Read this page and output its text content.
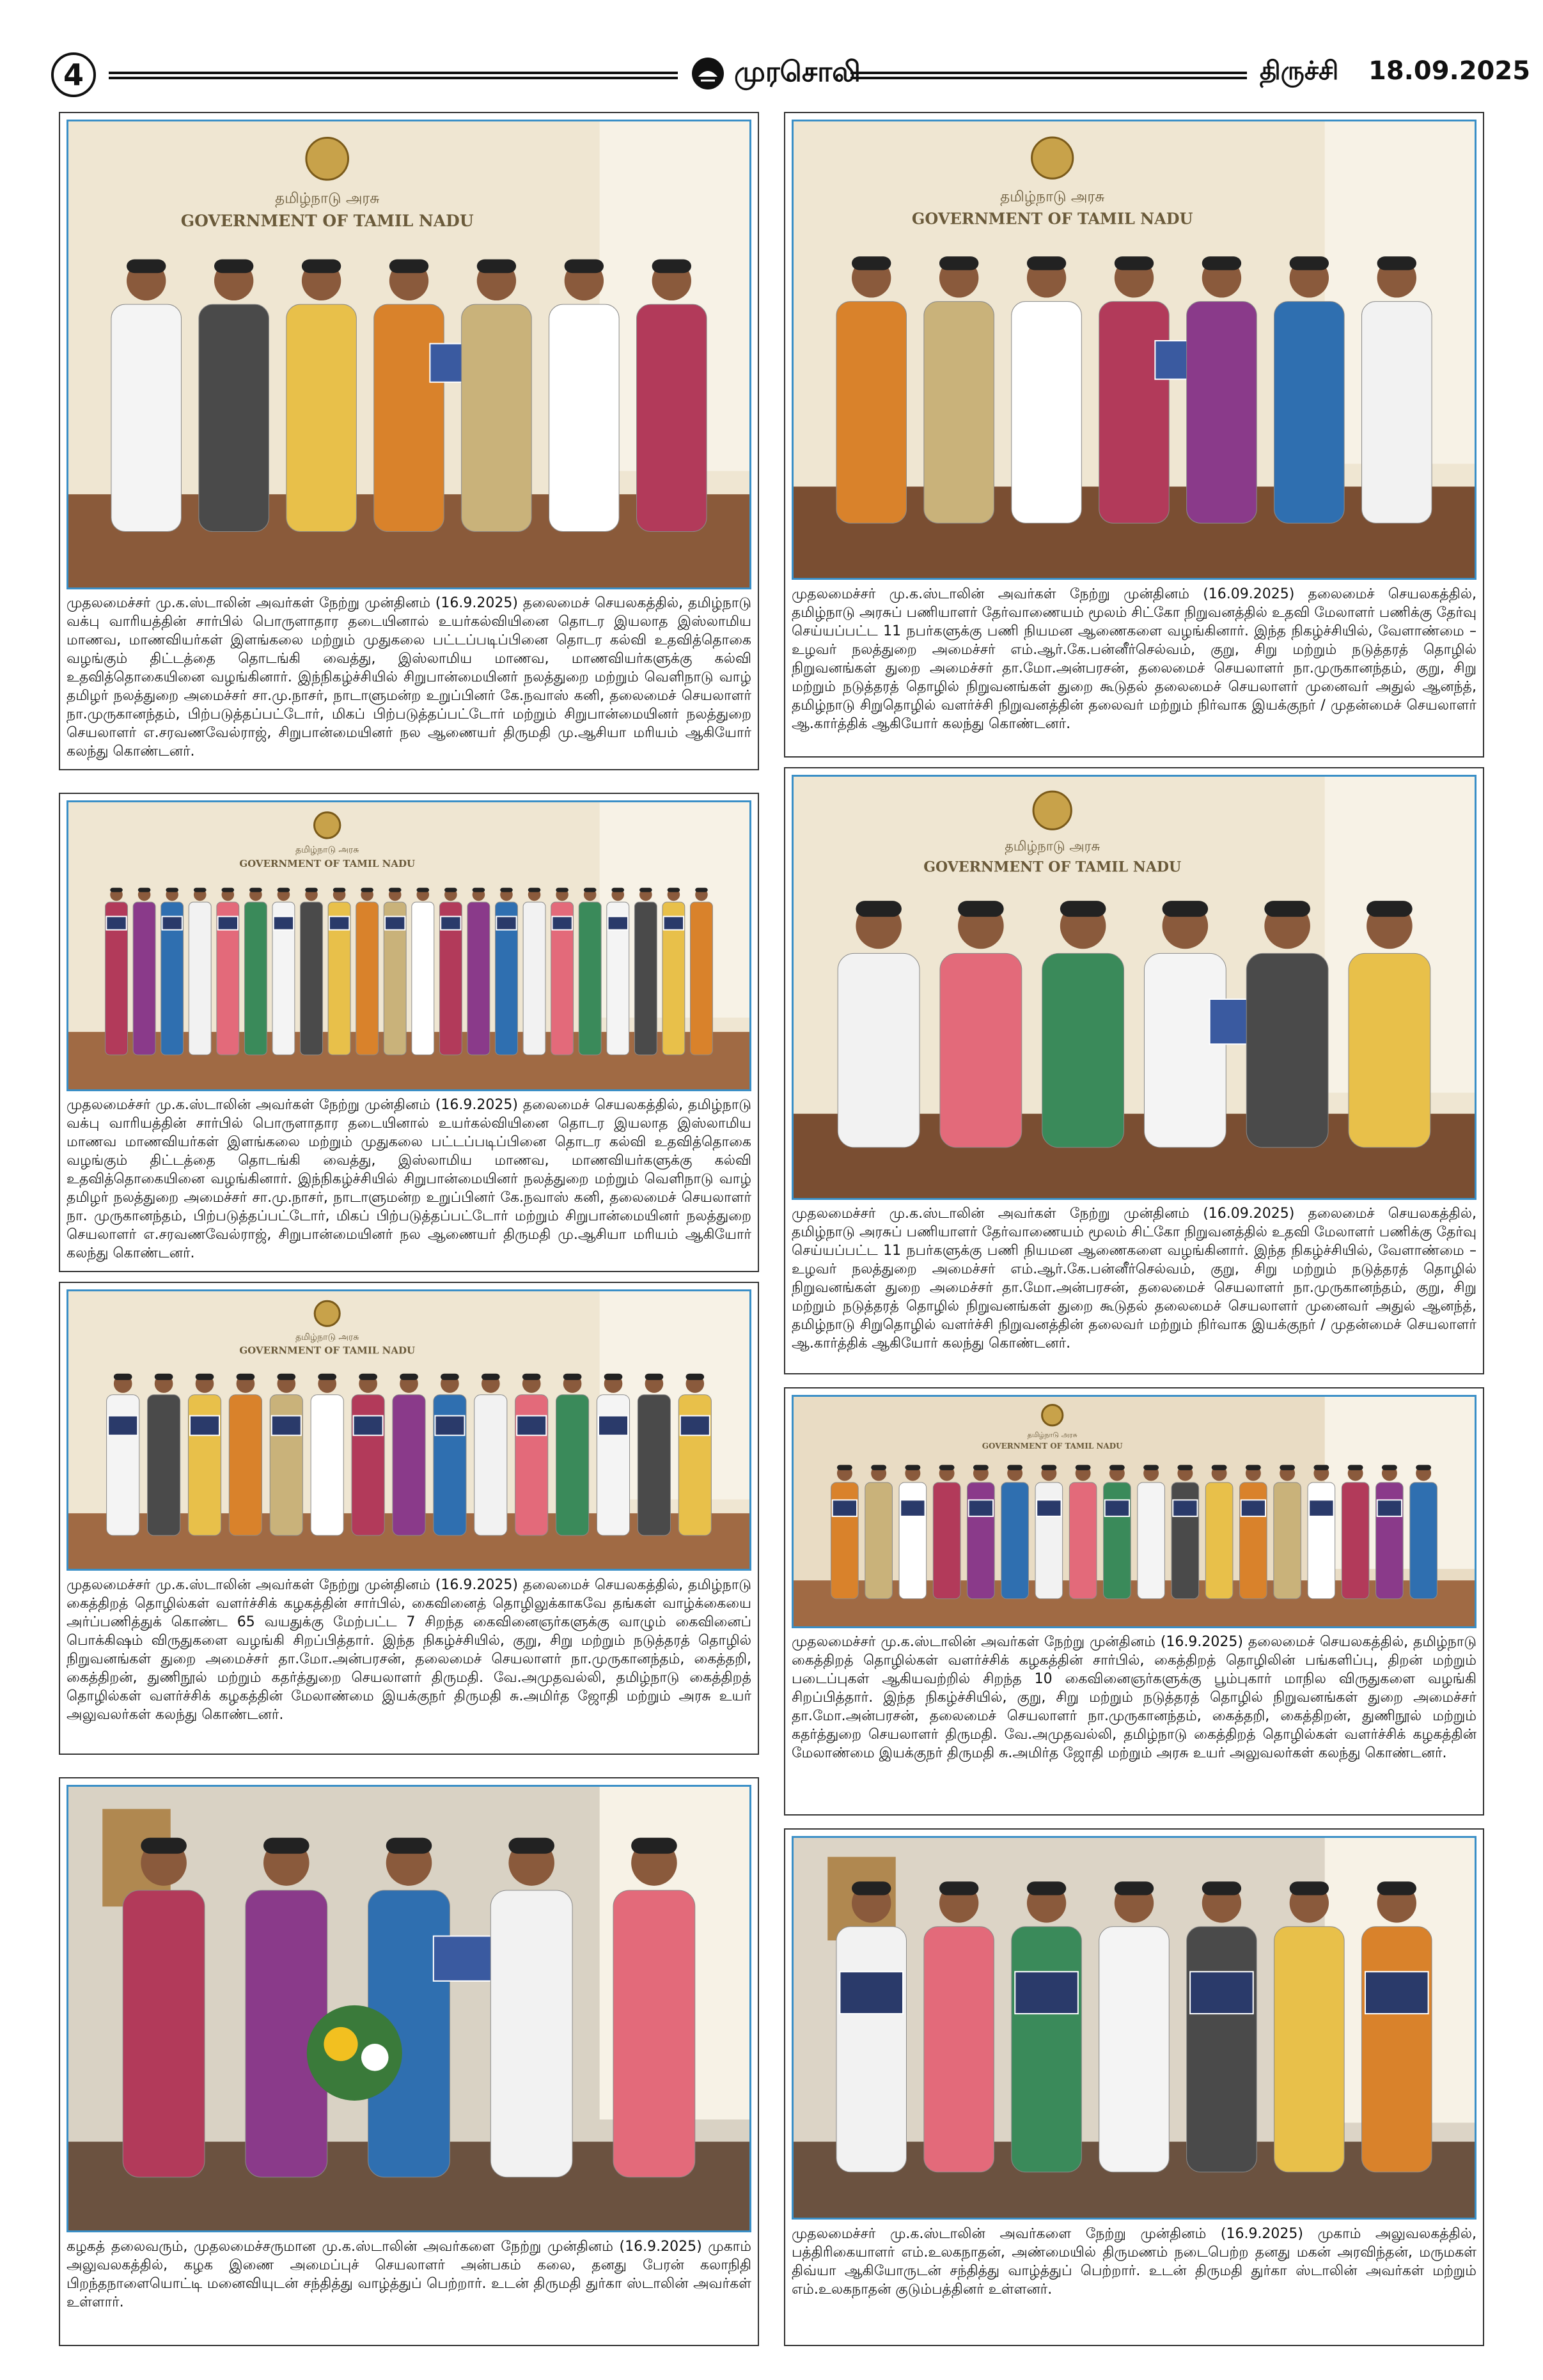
4	முரசொலி	திருச்சி 18.09.2025
தமிழ்நாடு அரசு
GOVERNMENT OF TAMIL NADU
முதலமைச்சர் மு.க.ஸ்டாலின் அவர்கள் நேற்று முன்தினம் (16.9.2025) தலைமைச் செயலகத்தில், தமிழ்நாடு வக்பு வாரியத்தின் சார்பில் பொருளாதார தடையினால் உயர்கல்வியினை தொடர இயலாத இஸ்லாமிய மாணவ, மாணவியர்கள் இளங்கலை மற்றும் முதுகலை பட்டப்படிப்பினை தொடர கல்வி உதவித்தொகை வழங்கும் திட்டத்தை தொடங்கி வைத்து, இஸ்லாமிய மாணவ, மாணவியர்களுக்கு கல்வி உதவித்தொகையினை வழங்கினார். இந்நிகழ்ச்சியில் சிறுபான்மையினர் நலத்துறை மற்றும் வெளிநாடு வாழ் தமிழர் நலத்துறை அமைச்சர் சா.மு.நாசர், நாடாளுமன்ற உறுப்பினர் கே.நவாஸ் கனி, தலைமைச் செயலாளர் நா.முருகானந்தம், பிற்படுத்தப்பட்டோர், மிகப் பிற்படுத்தப்பட்டோர் மற்றும் சிறுபான்மையினர் நலத்துறை செயலாளர் எ.சரவணவேல்ராஜ், சிறுபான்மையினர் நல ஆணையர் திருமதி மு.ஆசியா மரியம் ஆகியோர் கலந்து கொண்டனர்.
தமிழ்நாடு அரசு
GOVERNMENT OF TAMIL NADU
முதலமைச்சர் மு.க.ஸ்டாலின் அவர்கள் நேற்று முன்தினம் (16.09.2025) தலைமைச் செயலகத்தில், தமிழ்நாடு அரசுப் பணியாளர் தேர்வாணையம் மூலம் சிட்கோ நிறுவனத்தில் உதவி மேலாளர் பணிக்கு தேர்வு செய்யப்பட்ட 11 நபர்களுக்கு பணி நியமன ஆணைகளை வழங்கினார். இந்த நிகழ்ச்சியில், வேளாண்மை – உழவர் நலத்துறை அமைச்சர் எம்.ஆர்.கே.பன்னீர்செல்வம், குறு, சிறு மற்றும் நடுத்தரத் தொழில் நிறுவனங்கள் துறை அமைச்சர் தா.மோ.அன்பரசன், தலைமைச் செயலாளர் நா.முருகானந்தம், குறு, சிறு மற்றும் நடுத்தரத் தொழில் நிறுவனங்கள் துறை கூடுதல் தலைமைச் செயலாளர் முனைவர் அதுல் ஆனந்த், தமிழ்நாடு சிறுதொழில் வளர்ச்சி நிறுவனத்தின் தலைவர் மற்றும் நிர்வாக இயக்குநர் / முதன்மைச் செயலாளர் ஆ.கார்த்திக் ஆகியோர் கலந்து கொண்டனர்.
தமிழ்நாடு அரசு
GOVERNMENT OF TAMIL NADU
முதலமைச்சர் மு.க.ஸ்டாலின் அவர்கள் நேற்று முன்தினம் (16.9.2025) தலைமைச் செயலகத்தில், தமிழ்நாடு வக்பு வாரியத்தின் சார்பில் பொருளாதார தடையினால் உயர்கல்வியினை தொடர இயலாத இஸ்லாமிய மாணவ மாணவியர்கள் இளங்கலை மற்றும் முதுகலை பட்டப்படிப்பினை தொடர கல்வி உதவித்தொகை வழங்கும் திட்டத்தை தொடங்கி வைத்து, இஸ்லாமிய மாணவ, மாணவியர்களுக்கு கல்வி உதவித்தொகையினை வழங்கினார். இந்நிகழ்ச்சியில் சிறுபான்மையினர் நலத்துறை மற்றும் வெளிநாடு வாழ் தமிழர் நலத்துறை அமைச்சர் சா.மு.நாசர், நாடாளுமன்ற உறுப்பினர் கே.நவாஸ் கனி, தலைமைச் செயலாளர் நா. முருகானந்தம், பிற்படுத்தப்பட்டோர், மிகப் பிற்படுத்தப்பட்டோர் மற்றும் சிறுபான்மையினர் நலத்துறை செயலாளர் எ.சரவணவேல்ராஜ், சிறுபான்மையினர் நல ஆணையர் திருமதி மு.ஆசியா மரியம் ஆகியோர் கலந்து கொண்டனர்.
தமிழ்நாடு அரசு
GOVERNMENT OF TAMIL NADU
முதலமைச்சர் மு.க.ஸ்டாலின் அவர்கள் நேற்று முன்தினம் (16.09.2025) தலைமைச் செயலகத்தில், தமிழ்நாடு அரசுப் பணியாளர் தேர்வாணையம் மூலம் சிட்கோ நிறுவனத்தில் உதவி மேலாளர் பணிக்கு தேர்வு செய்யப்பட்ட 11 நபர்களுக்கு பணி நியமன ஆணைகளை வழங்கினார். இந்த நிகழ்ச்சியில், வேளாண்மை – உழவர் நலத்துறை அமைச்சர் எம்.ஆர்.கே.பன்னீர்செல்வம், குறு, சிறு மற்றும் நடுத்தரத் தொழில் நிறுவனங்கள் துறை அமைச்சர் தா.மோ.அன்பரசன், தலைமைச் செயலாளர் நா.முருகானந்தம், குறு, சிறு மற்றும் நடுத்தரத் தொழில் நிறுவனங்கள் துறை கூடுதல் தலைமைச் செயலாளர் முனைவர் அதுல் ஆனந்த், தமிழ்நாடு சிறுதொழில் வளர்ச்சி நிறுவனத்தின் தலைவர் மற்றும் நிர்வாக இயக்குநர் / முதன்மைச் செயலாளர் ஆ.கார்த்திக் ஆகியோர் கலந்து கொண்டனர்.
தமிழ்நாடு அரசு
GOVERNMENT OF TAMIL NADU
முதலமைச்சர் மு.க.ஸ்டாலின் அவர்கள் நேற்று முன்தினம் (16.9.2025) தலைமைச் செயலகத்தில், தமிழ்நாடு கைத்திறத் தொழில்கள் வளர்ச்சிக் கழகத்தின் சார்பில், கைவினைத் தொழிலுக்காகவே தங்கள் வாழ்க்கையை அர்ப்பணித்துக் கொண்ட 65 வயதுக்கு மேற்பட்ட 7 சிறந்த கைவினைஞர்களுக்கு வாழும் கைவினைப் பொக்கிஷம் விருதுகளை வழங்கி சிறப்பித்தார். இந்த நிகழ்ச்சியில், குறு, சிறு மற்றும் நடுத்தரத் தொழில் நிறுவனங்கள் துறை அமைச்சர் தா.மோ.அன்பரசன், தலைமைச் செயலாளர் நா.முருகானந்தம், கைத்தறி, கைத்திறன், துணிநூல் மற்றும் கதர்த்துறை செயலாளர் திருமதி. வே.அமுதவல்லி, தமிழ்நாடு கைத்திறத் தொழில்கள் வளர்ச்சிக் கழகத்தின் மேலாண்மை இயக்குநர் திருமதி சு.அமிர்த ஜோதி மற்றும் அரசு உயர் அலுவலர்கள் கலந்து கொண்டனர்.
தமிழ்நாடு அரசு
GOVERNMENT OF TAMIL NADU
முதலமைச்சர் மு.க.ஸ்டாலின் அவர்கள் நேற்று முன்தினம் (16.9.2025) தலைமைச் செயலகத்தில், தமிழ்நாடு கைத்திறத் தொழில்கள் வளர்ச்சிக் கழகத்தின் சார்பில், கைத்திறத் தொழிலின் பங்களிப்பு, திறன் மற்றும் படைப்புகள் ஆகியவற்றில் சிறந்த 10 கைவினைஞர்களுக்கு பூம்புகார் மாநில விருதுகளை வழங்கி சிறப்பித்தார். இந்த நிகழ்ச்சியில், குறு, சிறு மற்றும் நடுத்தரத் தொழில் நிறுவனங்கள் துறை அமைச்சர் தா.மோ.அன்பரசன், தலைமைச் செயலாளர் நா.முருகானந்தம், கைத்தறி, கைத்திறன், துணிநூல் மற்றும் கதர்த்துறை செயலாளர் திருமதி. வே.அமுதவல்லி, தமிழ்நாடு கைத்திறத் தொழில்கள் வளர்ச்சிக் கழகத்தின் மேலாண்மை இயக்குநர் திருமதி சு.அமிர்த ஜோதி மற்றும் அரசு உயர் அலுவலர்கள் கலந்து கொண்டனர்.
கழகத் தலைவரும், முதலமைச்சருமான மு.க.ஸ்டாலின் அவர்களை நேற்று முன்தினம் (16.9.2025) முகாம் அலுவலகத்தில், கழக இணை அமைப்புச் செயலாளர் அன்பகம் கலை, தனது பேரன் கலாநிதி பிறந்தநாளையொட்டி மனைவியுடன் சந்தித்து வாழ்த்துப் பெற்றார். உடன் திருமதி துர்கா ஸ்டாலின் அவர்கள் உள்ளார்.
முதலமைச்சர் மு.க.ஸ்டாலின் அவர்களை நேற்று முன்தினம் (16.9.2025) முகாம் அலுவலகத்தில், பத்திரிகையாளர் எம்.உலகநாதன், அண்மையில் திருமணம் நடைபெற்ற தனது மகன் அரவிந்தன், மருமகள் திவ்யா ஆகியோருடன் சந்தித்து வாழ்த்துப் பெற்றார். உடன் திருமதி துர்கா ஸ்டாலின் அவர்கள் மற்றும் எம்.உலகநாதன் குடும்பத்தினர் உள்ளனர்.
